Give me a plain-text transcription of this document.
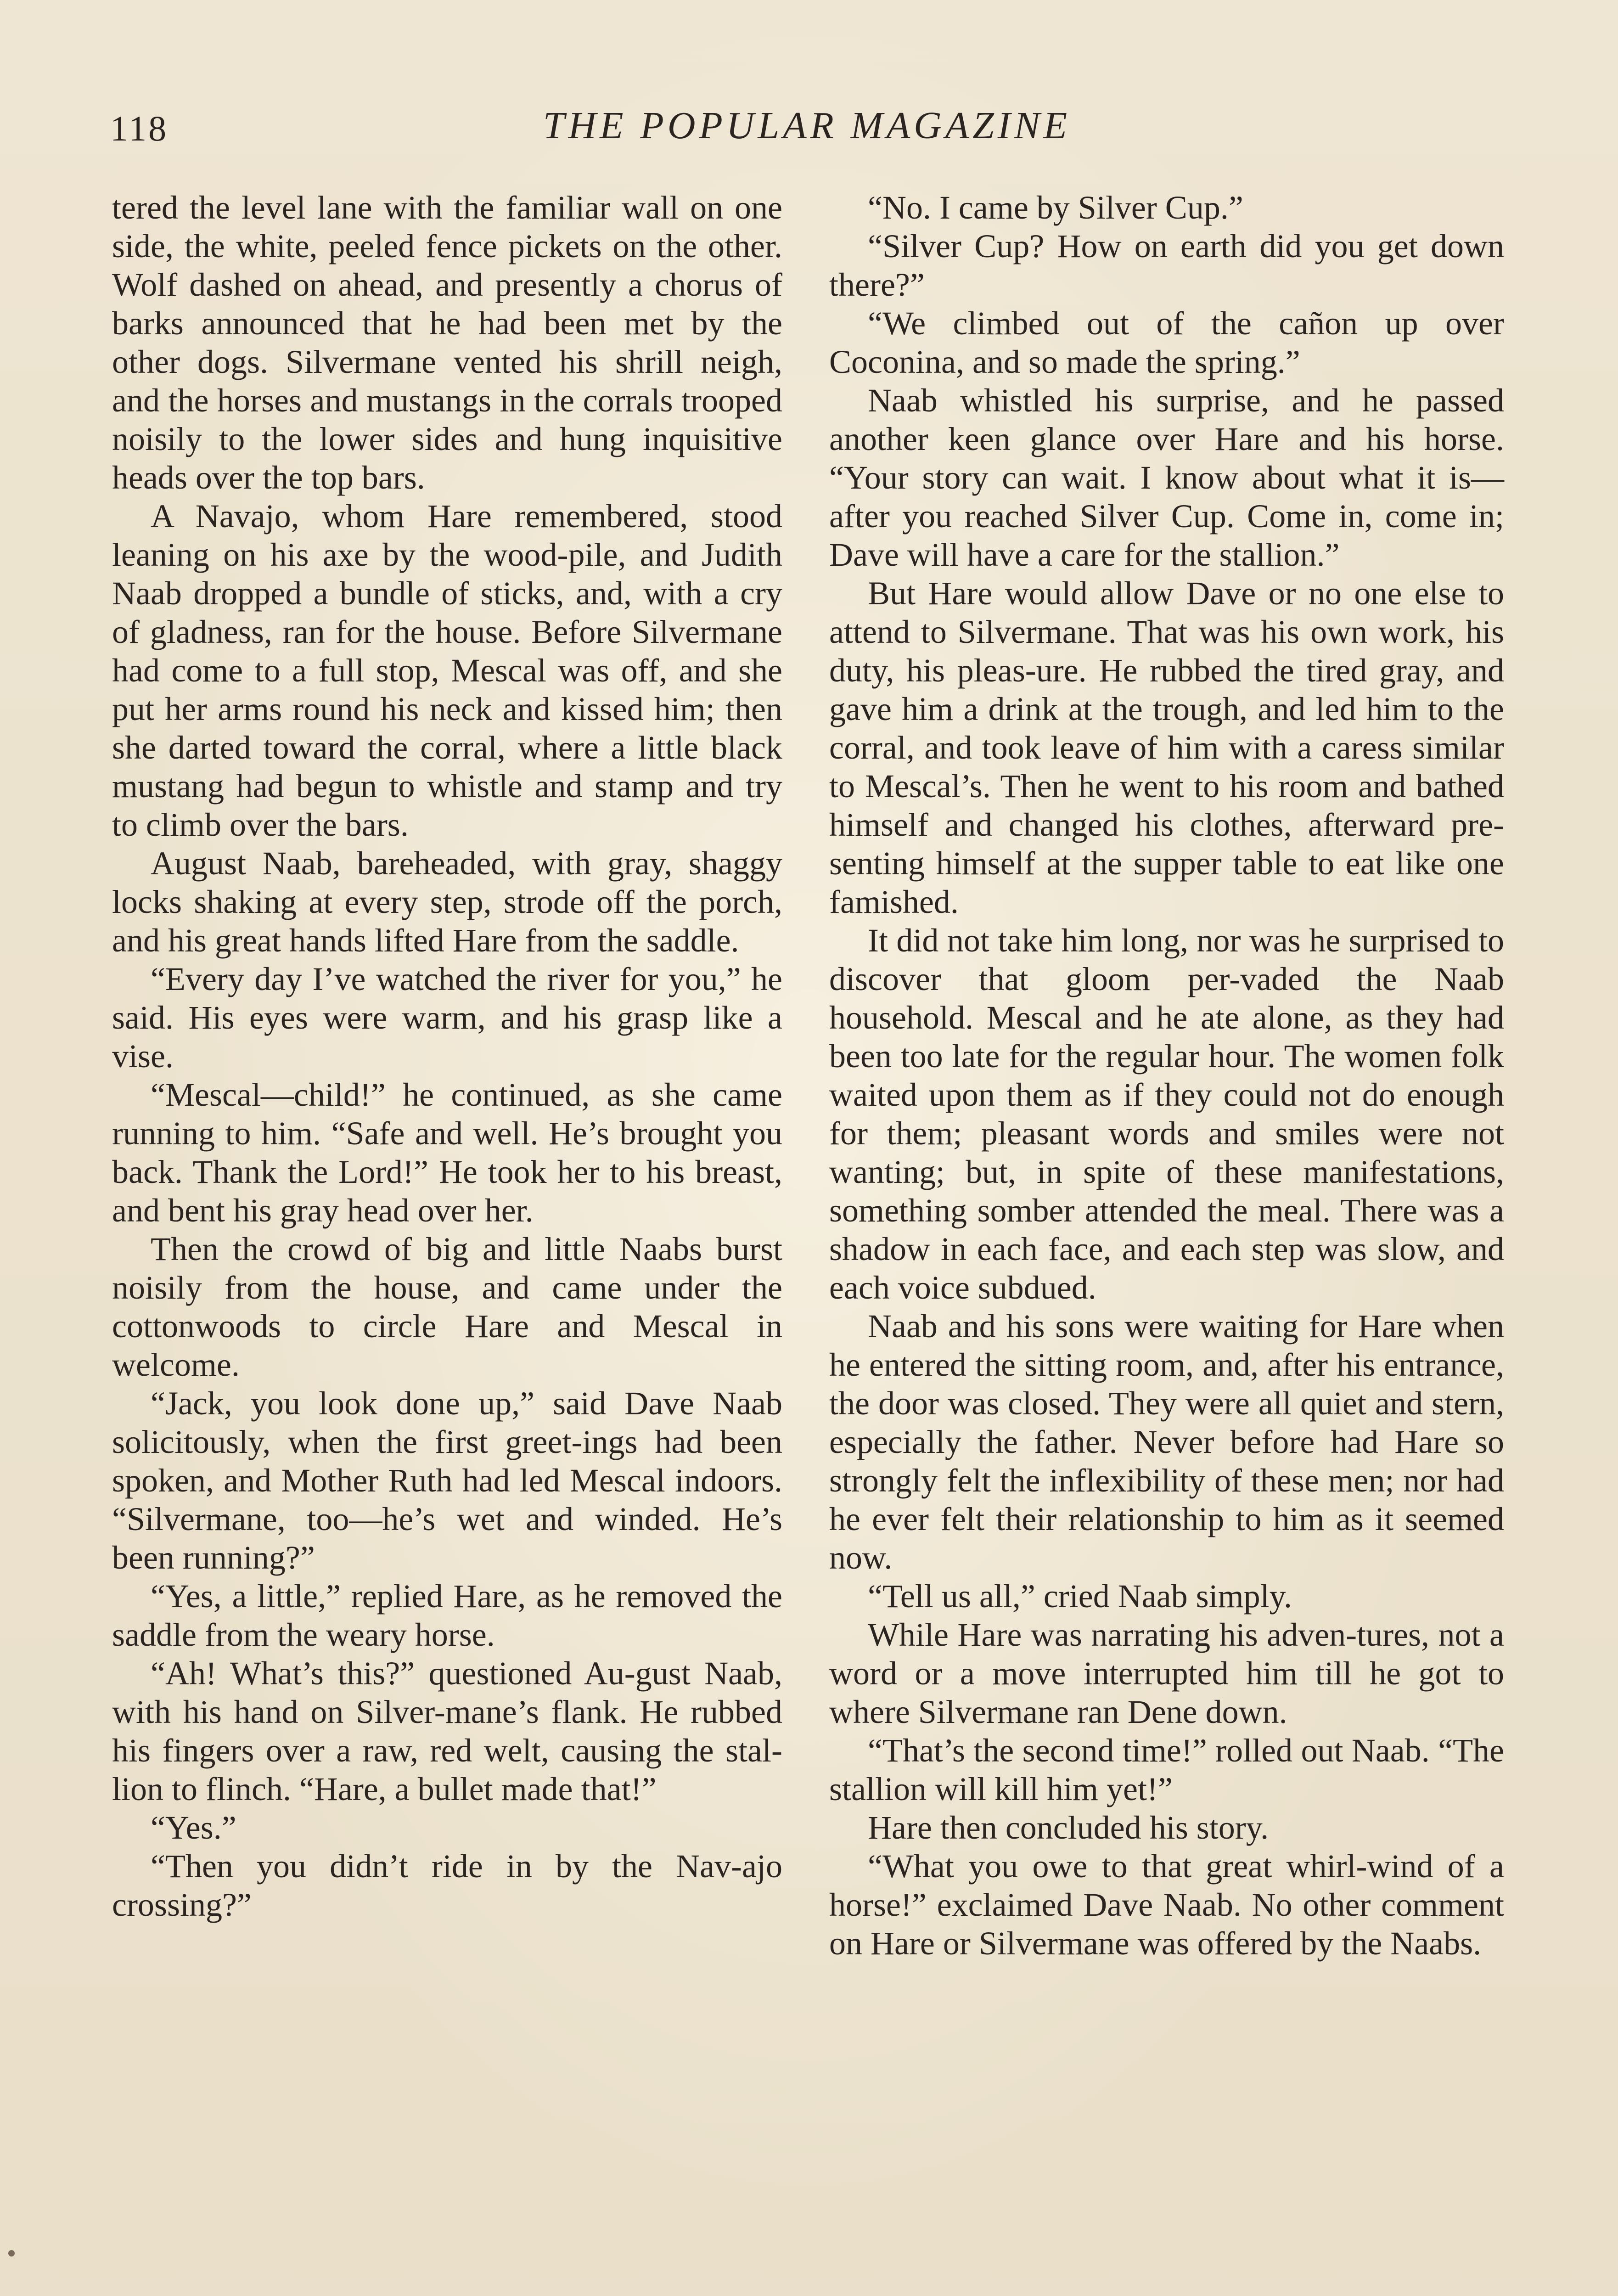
118	THE POPULAR MAGAZINE

tered the level lane with the familiar wall on one side, the white, peeled fence pickets on the other. Wolf dashed on ahead, and presently a chorus of barks announced that he had been met by the other dogs. Silvermane vented his shrill neigh, and the horses and mustangs in the corrals trooped noisily to the lower sides and hung inquisitive heads over the top bars.

A Navajo, whom Hare remembered, stood leaning on his axe by the wood-pile, and Judith Naab dropped a bundle of sticks, and, with a cry of gladness, ran for the house. Before Silvermane had come to a full stop, Mescal was off, and she put her arms round his neck and kissed him; then she darted toward the corral, where a little black mustang had begun to whistle and stamp and try to climb over the bars.

August Naab, bareheaded, with gray, shaggy locks shaking at every step, strode off the porch, and his great hands lifted Hare from the saddle.

“Every day I’ve watched the river for you,” he said. His eyes were warm, and his grasp like a vise.

“Mescal—child!” he continued, as she came running to him. “Safe and well. He’s brought you back. Thank the Lord!” He took her to his breast, and bent his gray head over her.

Then the crowd of big and little Naabs burst noisily from the house, and came under the cottonwoods to circle Hare and Mescal in welcome.

“Jack, you look done up,” said Dave Naab solicitously, when the first greet-ings had been spoken, and Mother Ruth had led Mescal indoors. “Silvermane, too—he’s wet and winded. He’s been running?”

“Yes, a little,” replied Hare, as he removed the saddle from the weary horse.

“Ah! What’s this?” questioned Au-gust Naab, with his hand on Silver-mane’s flank. He rubbed his fingers over a raw, red welt, causing the stal-lion to flinch. “Hare, a bullet made that!”

“Yes.”

“Then you didn’t ride in by the Nav-ajo crossing?”

“No. I came by Silver Cup.”

“Silver Cup? How on earth did you get down there?”

“We climbed out of the cañon up over Coconina, and so made the spring.”

Naab whistled his surprise, and he passed another keen glance over Hare and his horse. “Your story can wait. I know about what it is—after you reached Silver Cup. Come in, come in; Dave will have a care for the stallion.”

But Hare would allow Dave or no one else to attend to Silvermane. That was his own work, his duty, his pleas-ure. He rubbed the tired gray, and gave him a drink at the trough, and led him to the corral, and took leave of him with a caress similar to Mescal’s. Then he went to his room and bathed himself and changed his clothes, afterward pre-senting himself at the supper table to eat like one famished.

It did not take him long, nor was he surprised to discover that gloom per-vaded the Naab household. Mescal and he ate alone, as they had been too late for the regular hour. The women folk waited upon them as if they could not do enough for them; pleasant words and smiles were not wanting; but, in spite of these manifestations, something somber attended the meal. There was a shadow in each face, and each step was slow, and each voice subdued.

Naab and his sons were waiting for Hare when he entered the sitting room, and, after his entrance, the door was closed. They were all quiet and stern, especially the father. Never before had Hare so strongly felt the inflexibility of these men; nor had he ever felt their relationship to him as it seemed now.

“Tell us all,” cried Naab simply.

While Hare was narrating his adven-tures, not a word or a move interrupted him till he got to where Silvermane ran Dene down.

“That’s the second time!” rolled out Naab. “The stallion will kill him yet!”

Hare then concluded his story.

“What you owe to that great whirl-wind of a horse!” exclaimed Dave Naab. No other comment on Hare or Silvermane was offered by the Naabs.
